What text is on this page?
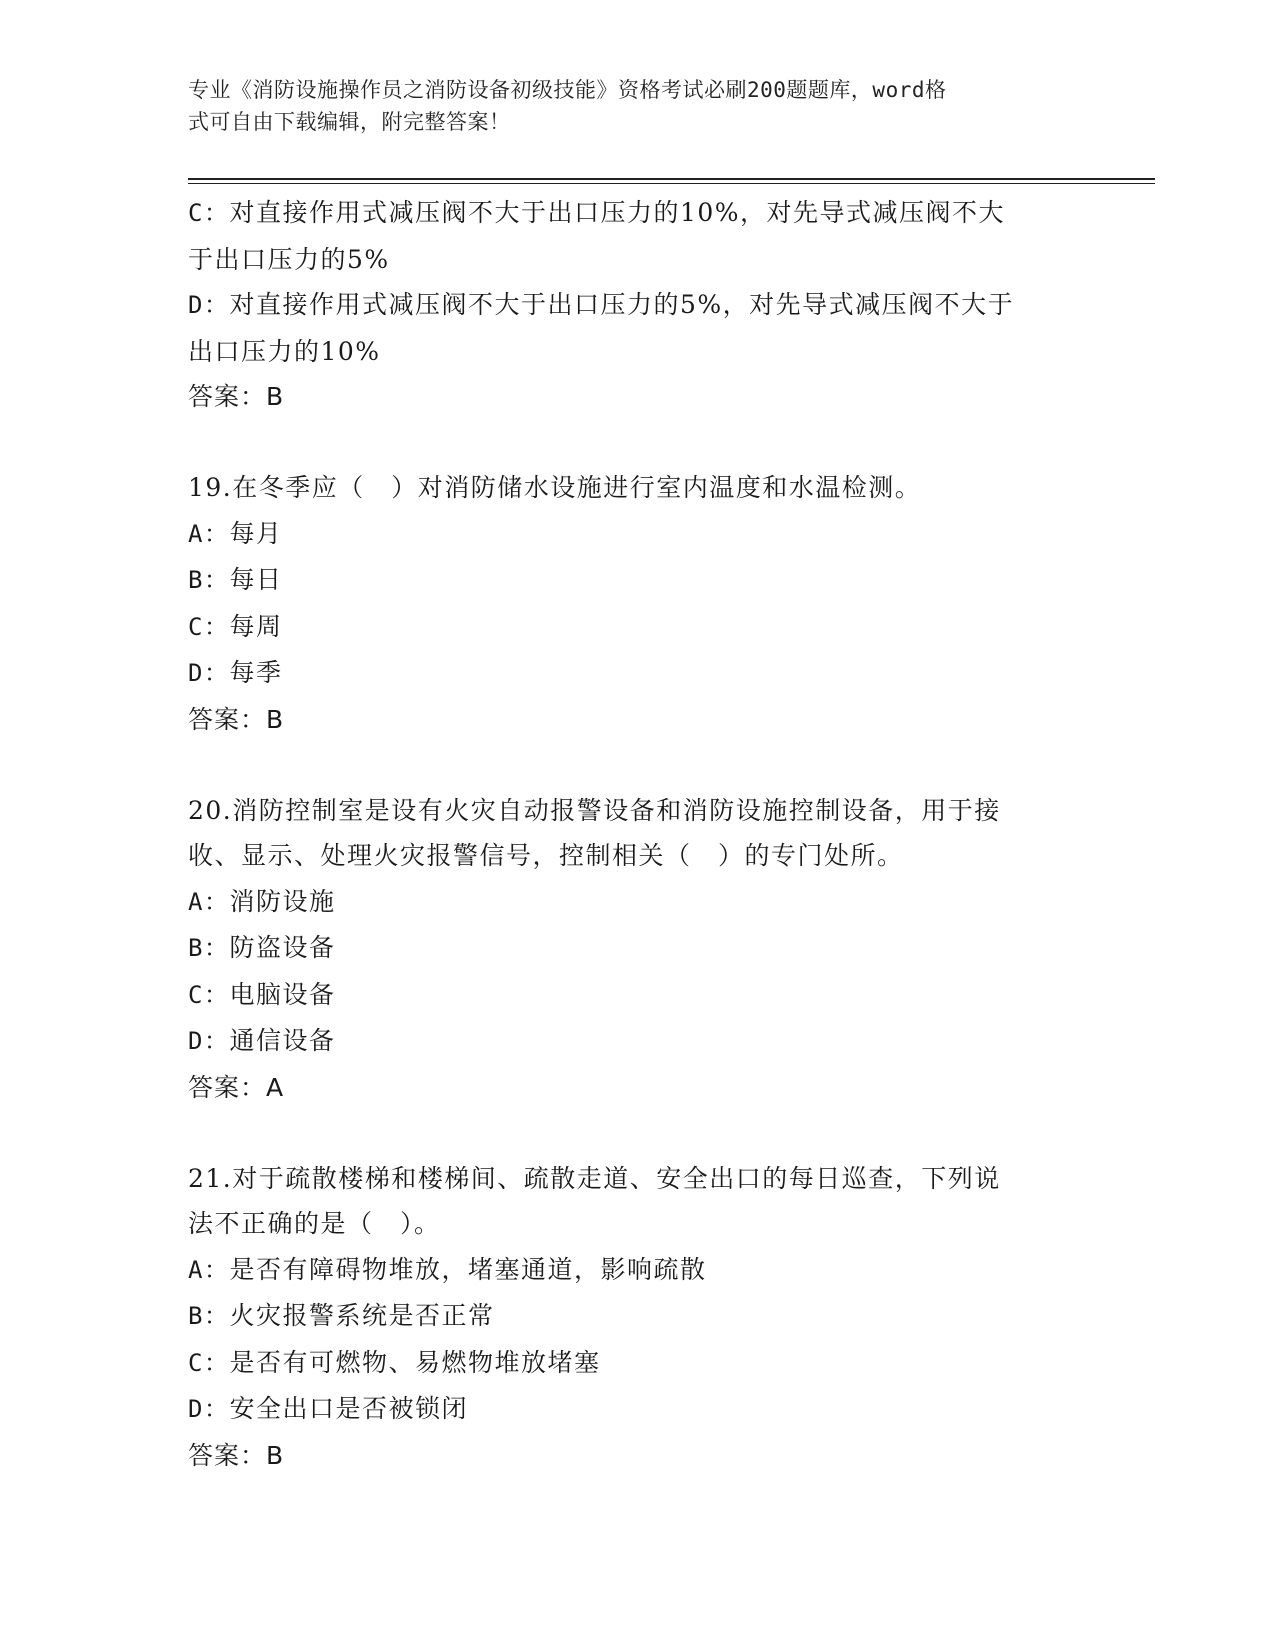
专业《消防设施操作员之消防设备初级技能》资格考试必刷200题题库，word格
式可自由下载编辑，附完整答案！

C：对直接作用式减压阀不大于出口压力的10%，对先导式减压阀不大

于出口压力的5%

D：对直接作用式减压阀不大于出口压力的5%，对先导式减压阀不大于

出口压力的10%

答案：B

19.在冬季应（　）对消防储水设施进行室内温度和水温检测。

A：每月

B：每日

C：每周

D：每季

答案：B

20.消防控制室是设有火灾自动报警设备和消防设施控制设备，用于接

收、显示、处理火灾报警信号，控制相关（　）的专门处所。

A：消防设施

B：防盗设备

C：电脑设备

D：通信设备

答案：A

21.对于疏散楼梯和楼梯间、疏散走道、安全出口的每日巡查，下列说

法不正确的是（　）。

A：是否有障碍物堆放，堵塞通道，影响疏散

B：火灾报警系统是否正常

C：是否有可燃物、易燃物堆放堵塞

D：安全出口是否被锁闭

答案：B
